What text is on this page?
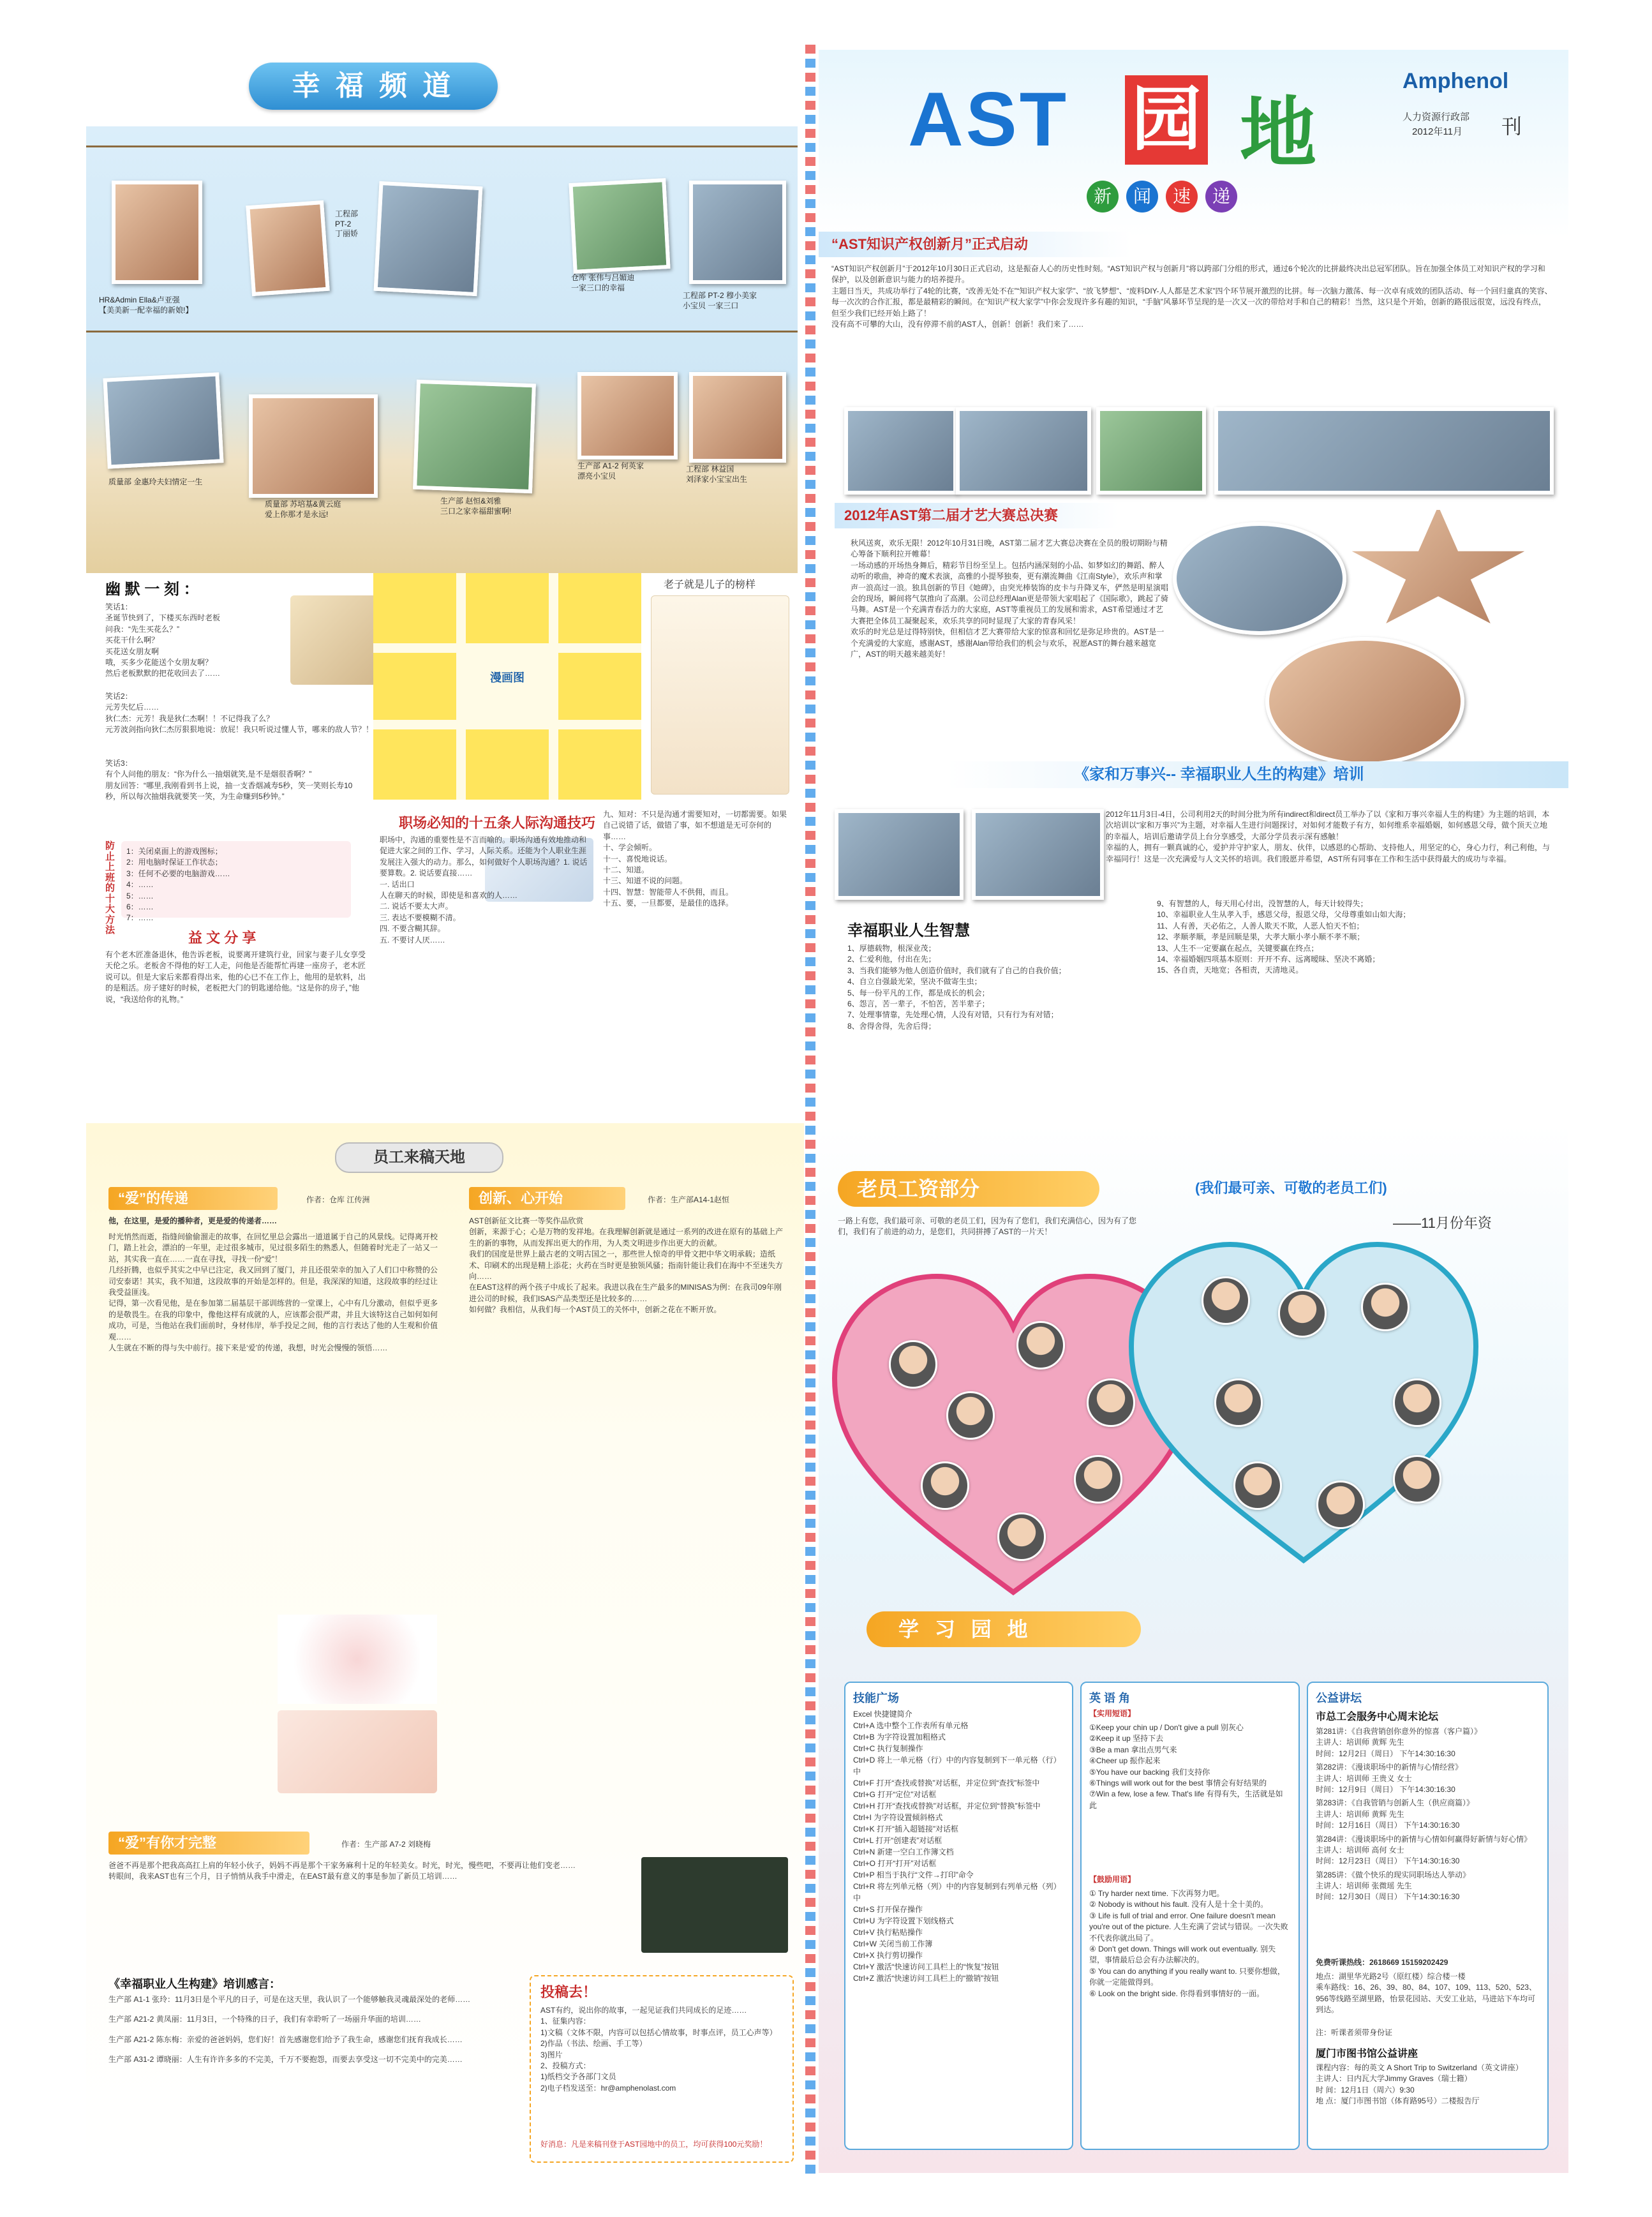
幸 福 频 道
HR&Admin Ella&卢亚强
【美美新一配幸福的新娘!】
工程部
PT-2
丁丽娇
仓库 张伟与吕媚迪
一家三口的幸福
工程部 PT-2 穆小美家
小宝贝 一家三口
质量部 金惠玲夫妇情定一生
质量部 苏培基&黄云庭
爱上你那才是永远!
生产部 赵恒&刘雅
三口之家幸福甜蜜啊!
生产部 A1-2 何英家
漂亮小宝贝
工程部 林益国
刘泽家小宝宝出生
幽 默 一 刻 ：
笑话1：
圣诞节快到了，下楼买东西时老板
问我：“先生买花么？”
买花干什么啊？
买花送女朋友啊
哦，买多少花能送个女朋友啊？
然后老板默默的把花收回去了……
笑话2：
元芳失忆后……
狄仁杰：元芳！我是狄仁杰啊！！不记得我了么？
元芳波剑指向狄仁杰厉狠狠地说：放屁！我只听说过懂人节，哪来的敌人节？！
笑话3：
有个人问他的朋友：“你为什么一抽烟就笑,是不是烟很香啊？”
朋友回答：“哪里,我刚看到书上说，抽一支香烟减寿5秒，笑一笑则长寿10秒，所以每次抽烟我就要笑一笑，为生命赚到5秒钟。”
漫画图
老子就是儿子的榜样
防止上班的十大方法
1：关闭桌面上的游戏图标；
2：用电脑时保证工作状态；
3：任何不必要的电脑游戏……
4：……
5：……
6：……
7：……
益 文 分 享
有个老木匠准备退休，他告诉老板，说要离开建筑行业，回家与妻子儿女享受天伦之乐。老板舍不得他的好工人走，问他是否能帮忙再建一座房子，老木匠说可以。但是大家后来都看得出来，他的心已不在工作上，他用的是软料，出的是粗活。房子建好的时候，老板把大门的钥匙递给他。“这是你的房子，”他说，“我送给你的礼物。”
职场必知的十五条人际沟通技巧
职场中，沟通的重要性是不言而喻的。职场沟通有效地推动和促进大家之间的工作、学习，人际关系。还能为个人职业生涯发展注入强大的动力。那么，如何做好个人职场沟通？1. 说话要算数。2. 说话要直接……
一. 话出口
人在聊天的时候，即使是和喜欢的人……
二. 说话不要太大声。
三. 表达不要模糊不清。
四. 不要含糊其辞。
五. 不要讨人厌……
九、知对：不只是沟通才需要知对，一切都需要。如果自己说错了话，做错了事，如不想道是无可奈何的事……
十、学会倾听。
十一、喜悦地说话。
十二、知道。
十三、知道不说的问题。
十四、智慧：智能带人不供佣，而且。
十五、要，一旦都要，是最佳的选择。
Amphenol
AST 园 地	人力资源行政部
2012年11月 刊
新	闻	速	递
“AST知识产权创新月”正式启动
“AST知识产权创新月”于2012年10月30日正式启动，这是振奋人心的历史性时刻。“AST知识产权与创新月”将以跨部门分组的形式，通过6个轮次的比拼最终决出总冠军团队。旨在加强全体员工对知识产权的学习和保护，以及创新意识与能力的培养提升。
主题日当天，共成功举行了4轮的比赛，“改善无处不在”“知识产权大家学”、“放飞梦想”、“废料DIY-人人都是艺术家”四个环节展开激烈的比拼。每一次脑力激荡、每一次卓有成效的团队活动、每一个回归童真的笑容、每一次次的合作汇报，都是最精彩的瞬间。在“知识产权大家学”中你会发现许多有趣的知识，“手脑”风暴环节呈现的是一次又一次的带给对手和自己的精彩！当然，这只是个开始，创新的路很远很宽，远没有终点，但至少我们已经开始上路了！
没有高不可攀的大山，没有停滞不前的AST人，创新！创新！我们来了……
2012年AST第二届才艺大赛总决赛
秋风送爽，欢乐无限！2012年10月31日晚，AST第二届才艺大赛总决赛在全员的殷切期盼与精心筹备下顺利拉开帷幕！
一场动感的开场热身舞后，精彩节目纷至呈上。包括内涵深刻的小品、如梦如幻的舞蹈、醉人动听的歌曲，神奇的魔术表演，高雅的小提琴独奏，更有潮流舞曲《江南Style》，欢乐声和掌声一浪高过一浪。独具创新的节目《她碑》，由突光棒装饰的皮卡与升降叉车，俨然是明星演唱会的现场，瞬间将气氛推向了高潮。公司总经理Alan更是带领大家唱起了《国际歌》，跳起了骑马舞。AST是一个充满青春活力的大家庭，AST等重视员工的发展和需求，AST希望通过才艺大赛把全体员工凝聚起来，欢乐共享的同时显现了大家的青春风采！
欢乐的时光总是过得特别快，但相信才艺大赛带给大家的惊喜和回忆是弥足珍贵的。AST是一个充满爱的大家庭，感谢AST，感谢Alan带给我们的机会与欢乐，祝愿AST的舞台越来越宽广，AST的明天越来越美好！
《家和万事兴-- 幸福职业人生的构建》培训
2012年11月3日-4日，公司利用2天的时间分批为所有indirect和direct员工举办了以《家和万事兴幸福人生的构建》为主题的培训，本次培训以“家和万事兴”为主题，对幸福人生进行问题探讨，对如何才能数子有方，如何维系幸福婚姻，如何感恩父母，做个顶天立地的幸福人，培训后邀请学员上台分享感受，大部分学员表示深有感触！
幸福的人，拥有一颗真诚的心，爱护并守护家人，朋友、伙伴，以感恩的心帮助、支持他人，用坚定的心，身心力行，利己利他，与幸福同行！这是一次充满爱与人文关怀的培训。我们殷愿并希望，AST所有同事在工作和生活中获得最大的成功与幸福。
幸福职业人生智慧
1、厚德载物，根深业茂；
2、仁爱利他，付出在先；
3、当我们能够为他人创造价值时，我们就有了自己的自我价值；
4、自立自强最光荣，坚决不做寄生虫；
5、每一份平凡的工作，都是成长的机会；
6、怨言，苦一辈子，不怕苦，苦半辈子；
7、处理事情靠，先处理心情，人没有对错，只有行为有对错；
8、舍得舍得，先舍后得；
9、有智慧的人，每天用心付出，没智慧的人，每天计较得失；
10、幸福职业人生从孝入手，感恩父母，报恩父母，父母尊重如山如大海；
11、人有善，天必佑之，人善人欺天不欺，人恶人怕天不怕；
12、孝顺孝顺，孝是回顺是果，大孝大顺小孝小顺不孝不顺；
13、人生不一定要赢在起点，关键要赢在终点；
14、幸福婚姻四项基本原则：开开不弃、远离暧昧、坚决不离婚；
15、各自责，天地宽；各相责，天清地灵。
员工来稿天地
“爱”的传递	作者：仓库 江传洲
他，在这里，是爱的播种者，更是爱的传递者……
时光悄然而逝，指缝间偷偷溜走的故事，在回忆里总会露出一道道属于自己的风景线。记得离开校门，踏上社会，漂泊的一年里，走过很多城市，见过很多陌生的熟悉人，但随着时光走了一站又一站，其实我一直在……一直在寻找，寻找一份“爱”！
几经折腾，也似乎其实之中早已注定，我又回到了厦门，并且还很荣幸的加入了人们口中称赞的公司安泰诺！其实，我不知道，这段故事的开始是怎样的。但是，我深深的知道，这段故事的经过让我受益匪浅。
记得，第一次看见他，是在参加第二届基层干部训练营的一堂课上，心中有几分激动，但似乎更多的是敬畏生。在我的印象中，像他这样有成就的人，应该都会很严肃，并且大该特这自己如何如何成功，可是，当他站在我们面前时，身材伟岸，举手投足之间，他的言行表达了他的人生观和价值观……
人生就在不断的得与失中前行。接下来是‘爱’的传递，我想，时光会慢慢的领悟……
创新、心开始	作者：生产部A14-1赵恒
AST创新征文比赛一等奖作品欣赏
创新，来源于心；心是万物的发祥地。在我理解创新就是通过一系列的改进在原有的基础上产生的新的事物，从而发挥出更大的作用，为人类文明进步作出更大的贡献。
我们的国度是世界上最古老的文明古国之一，那些世人惊奇的甲骨文把中华文明承载；造纸术、印刷术的出现是精上添花；火药在当时更是独领风骚；指南针能让我们在海中不至迷失方向……
在EAST这样的两个孩子中成长了起来。我进以我在生产最多的MINISAS为例：在我司09年刚进公司的时候，我们ISAS产品类型还是比较多的……
如何做？我相信，从我们每一个AST员工的关怀中，创新之花在不断开放。
“爱”有你才完整	作者：生产部 A7-2 刘晓梅
爸爸不再是那个把我高高扛上肩的年轻小伙子，妈妈不再是那个干家务麻利十足的年轻美女。时光，时光，慢些吧，不要再让他们变老……
转眼间，我来AST也有三个月，日子悄悄从我手中滑走，在EAST最有意义的事是参加了新员工培训……
《幸福职业人生构建》培训感言：
生产部 A1-1 张玲：11月3日是个平凡的日子，可是在这天里，我认识了一个能够触我灵魂最深处的老师……
生产部 A21-2 黄凤丽：11月3日，一个特殊的日子，我们有幸聆听了一场丽升华面的培训……
生产部 A21-2 陈东梅：亲爱的爸爸妈妈，您们好！首先感谢您们给予了我生命，感谢您们抚育我成长……
生产部 A31-2 谭晓丽：人生有许许多多的不完美，千万不要抱怨，而要去享受这一切不完美中的完美……
投稿去！
AST有约，说出你的故事，一起见证我们共同成长的足迹……
1、征集内容：
1)文稿（文体不限，内容可以包括心情故事，时事点评，员工心声等）
2)作品（书法、绘画、手工等）
3)图片
2、投稿方式：
1)纸档交予各部门文员
2)电子档发送至：hr@amphenolast.com
好消息：凡是来稿刊登于AST园地中的员工，均可获得100元奖励！
老员工资部分	(我们最可亲、可敬的老员工们)
——11月份年资
一路上有您，我们最可亲、可敬的老员工们，因为有了您们，我们充满信心，因为有了您们，我们有了前进的动力，是您们，共同拼搏了AST的一片天！
学 习 园 地
技能广场
Excel 快捷键简介
Ctrl+A 选中整个工作表所有单元格
Ctrl+B 为字符设置加粗格式
Ctrl+C 执行复制操作
Ctrl+D 将上一单元格（行）中的内容复制到下一单元格（行）中
Ctrl+F 打开“查找或替换”对话框，并定位到“查找”标签中
Ctrl+G 打开“定位”对话框
Ctrl+H 打开“查找或替换”对话框，并定位到“替换”标签中
Ctrl+I 为字符设置倾斜格式
Ctrl+K 打开“插入超链接”对话框
Ctrl+L 打开“创建表”对话框
Ctrl+N 新建一空白工作簿文档
Ctrl+O 打开“打开”对话框
Ctrl+P 相当于执行“文件→打印”命令
Ctrl+R 将左列单元格（列）中的内容复制到右列单元格（列）中
Ctrl+S 打开保存操作
Ctrl+U 为字符设置下划线格式
Ctrl+V 执行粘贴操作
Ctrl+W 关闭当前工作簿
Ctrl+X 执行剪切操作
Ctrl+Y 激活“快速访问工具栏上的“恢复”按钮
Ctrl+Z 激活“快速访问工具栏上的“撤销”按钮
英 语 角
【实用短语】
①Keep your chin up / Don't give a pull 别灰心
②Keep it up 坚持下去
③Be a man 拿出点男气来
④Cheer up 振作起来
⑤You have our backing 我们支持你
⑥Things will work out for the best 事情会有好结果的
⑦Win a few, lose a few. That's life 有得有失，生活就是如此
【鼓励用语】
① Try harder next time. 下次再努力吧。
② Nobody is without his fault. 没有人是十全十美的。
③ Life is full of trial and error. One failure doesn't mean you're out of the picture. 人生充满了尝试与错误。一次失败不代表你就出局了。
④ Don't get down. Things will work out eventually. 别失望，事情最后总会有办法解决的。
⑤ You can do anything if you really want to. 只要你想做，你就一定能做得到。
⑥ Look on the bright side. 你得看到事情好的一面。
公益讲坛
市总工会服务中心周末论坛
第281讲：《自我营销创你意外的惊喜（客户篇）》
主讲人：培训师 黄辉 先生
时间：12月2日（周日） 下午14:30:16:30
第282讲：《漫谈职场中的新情与心情经营》
主讲人：培训师 王贵义 女士
时间：12月9日（周日） 下午14:30:16:30
第283讲：《自我管销与创新人生（供应商篇）》
主讲人：培训师 黄辉 先生
时间：12月16日（周日） 下午14:30:16:30
第284讲：《漫谈职场中的新情与心情如何赢得好新情与好心情》
主讲人：培训师 高何 女士
时间：12月23日（周日） 下午14:30:16:30
第285讲：《做个快乐的现实同职场达人挙动》
主讲人：培训师 张微瑶 先生
时间：12月30日（周日） 下午14:30:16:30
免费听课热线：2618669 15159202429
地点：湖里华光路2号（原红楼）综合楼一楼
乘车路线：16、26、39、80、84、107、109、113、520、523、956等线路至湖里路，怡景花园站、天安工业站，马进站下车均可到达。
注：听课者须带身份证
厦门市图书馆公益讲座
课程内容：每的英文 A Short Trip to Switzerland（英文讲座）
主讲人：日内瓦大学Jimmy Graves（瑞士籍）
时 间：12月1日（周六）9:30
地 点：厦门市图书馆（体育路95号）二楼报告厅
